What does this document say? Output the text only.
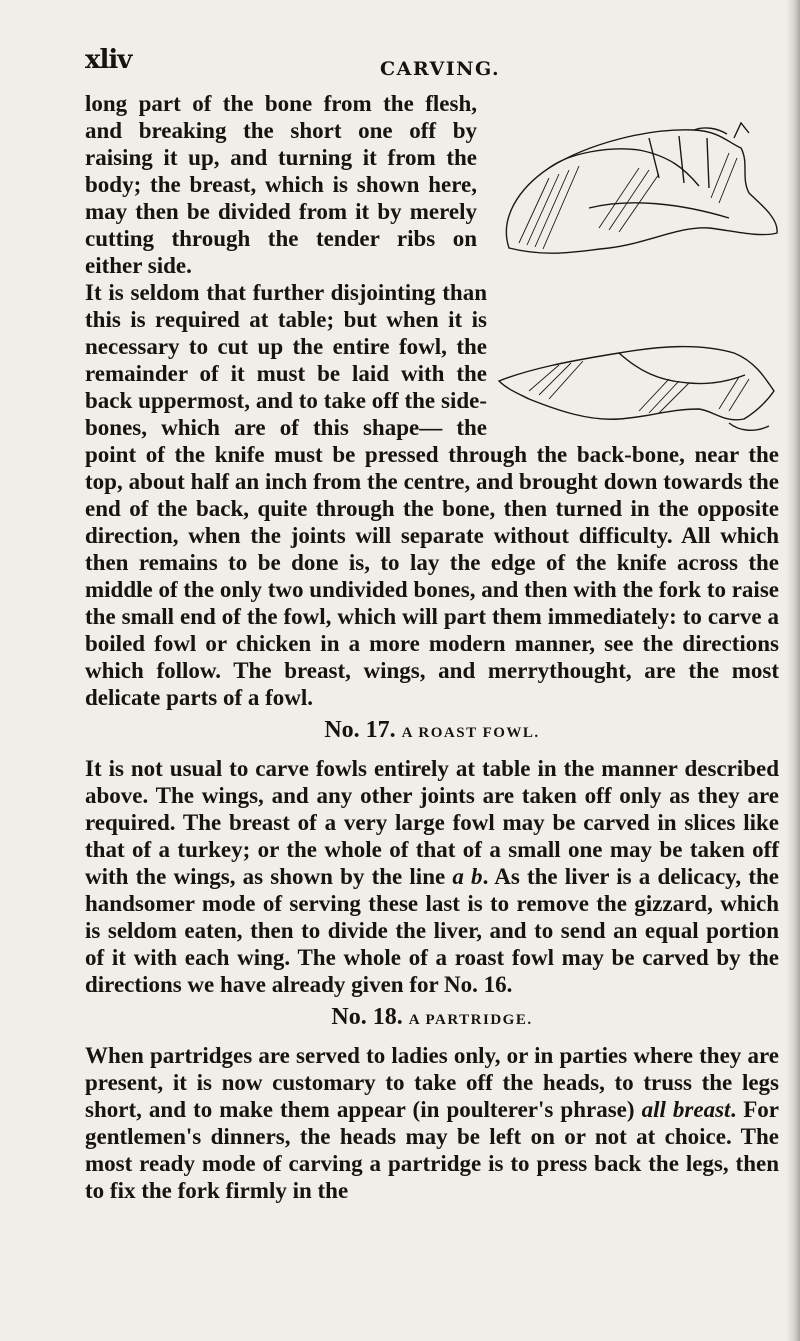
xliv	CARVING.

long part of the bone from the flesh, and breaking the short one off by raising it up, and turning it from the body; the breast, which is shown here, may then be divided from it by merely cutting through the tender ribs on either side.

It is seldom that further disjointing than this is required at table; but when it is necessary to cut up the entire fowl, the remainder of it must be laid with the back uppermost, and to take off the side-bones, which are of this shape— the point of the knife must be pressed through the back-bone, near the top, about half an inch from the centre, and brought down towards the end of the back, quite through the bone, then turned in the opposite direction, when the joints will separate without difficulty. All which then remains to be done is, to lay the edge of the knife across the middle of the only two undivided bones, and then with the fork to raise the small end of the fowl, which will part them immediately: to carve a boiled fowl or chicken in a more modern manner, see the directions which follow. The breast, wings, and merrythought, are the most delicate parts of a fowl.

No. 17. A ROAST FOWL.

It is not usual to carve fowls entirely at table in the manner described above. The wings, and any other joints are taken off only as they are required. The breast of a very large fowl may be carved in slices like that of a turkey; or the whole of that of a small one may be taken off with the wings, as shown by the line a b. As the liver is a delicacy, the handsomer mode of serving these last is to remove the gizzard, which is seldom eaten, then to divide the liver, and to send an equal portion of it with each wing. The whole of a roast fowl may be carved by the directions we have already given for No. 16.

No. 18. A PARTRIDGE.

When partridges are served to ladies only, or in parties where they are present, it is now customary to take off the heads, to truss the legs short, and to make them appear (in poulterer's phrase) all breast. For gentlemen's dinners, the heads may be left on or not at choice. The most ready mode of carving a partridge is to press back the legs, then to fix the fork firmly in the
